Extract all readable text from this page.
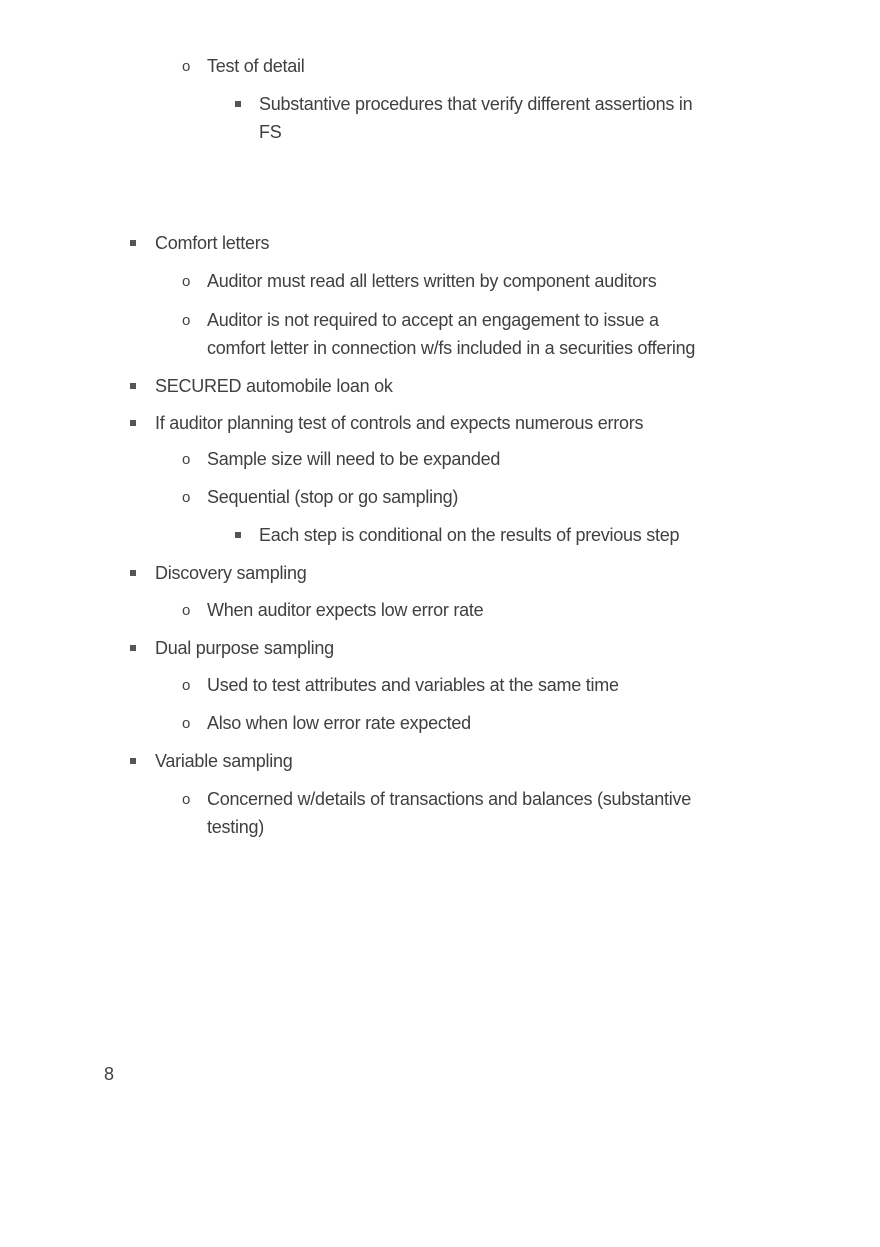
8
o Test of detail
Substantive procedures that verify different assertions in
FS
Comfort letters
o Auditor must read all letters written by component auditors
o Auditor is not required to accept an engagement to issue a
comfort letter in connection w/fs included in a securities offering
SECURED automobile loan ok
If auditor planning test of controls and expects numerous errors
o Sample size will need to be expanded
o Sequential (stop or go sampling)
Each step is conditional on the results of previous step
Discovery sampling
o When auditor expects low error rate
Dual purpose sampling
o Used to test attributes and variables at the same time
o Also when low error rate expected
Variable sampling
o Concerned w/details of transactions and balances (substantive
testing)
